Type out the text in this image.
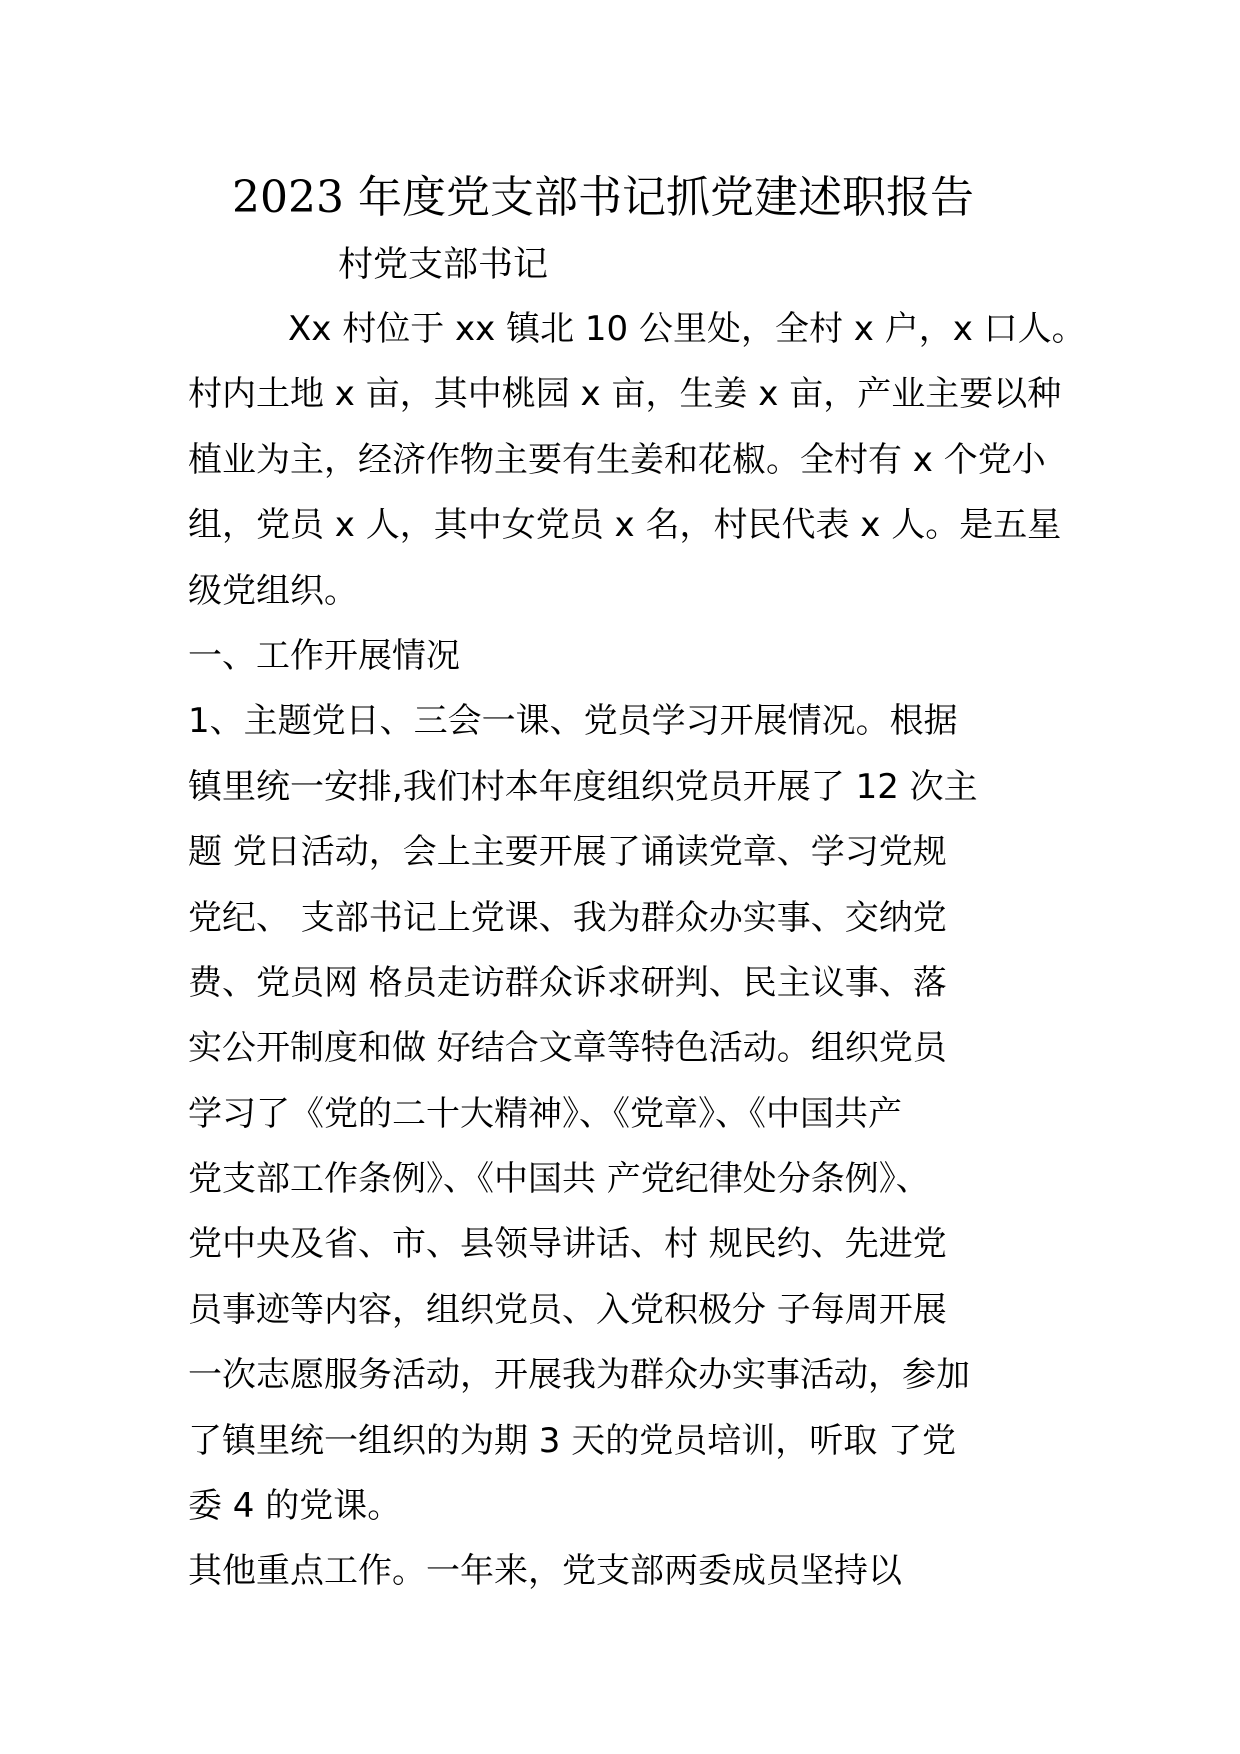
2023 年度党支部书记抓党建述职报告
村党支部书记
Xx 村位于 xx 镇北 10 公里处，全村 x 户，x 口人。
村内土地 x 亩，其中桃园 x 亩，生姜 x 亩，产业主要以种
植业为主，经济作物主要有生姜和花椒。全村有 x 个党小
组，党员 x 人，其中女党员 x 名，村民代表 x 人。是五星
级党组织。
一、工作开展情况
1、主题党日、三会一课、党员学习开展情况。根据
镇里统一安排,我们村本年度组织党员开展了 12 次主
题 党日活动，会上主要开展了诵读党章、学习党规
党纪、 支部书记上党课、我为群众办实事、交纳党
费、党员网 格员走访群众诉求研判、民主议事、落
实公开制度和做 好结合文章等特色活动。组织党员
学习了《党的二十大精神》、《党章》、《中国共产
党支部工作条例》、《中国共 产党纪律处分条例》、
党中央及省、市、县领导讲话、村 规民约、先进党
员事迹等内容，组织党员、入党积极分 子每周开展
一次志愿服务活动，开展我为群众办实事活动，参加
了镇里统一组织的为期 3 天的党员培训，听取 了党
委 4 的党课。
其他重点工作。一年来，党支部两委成员坚持以
